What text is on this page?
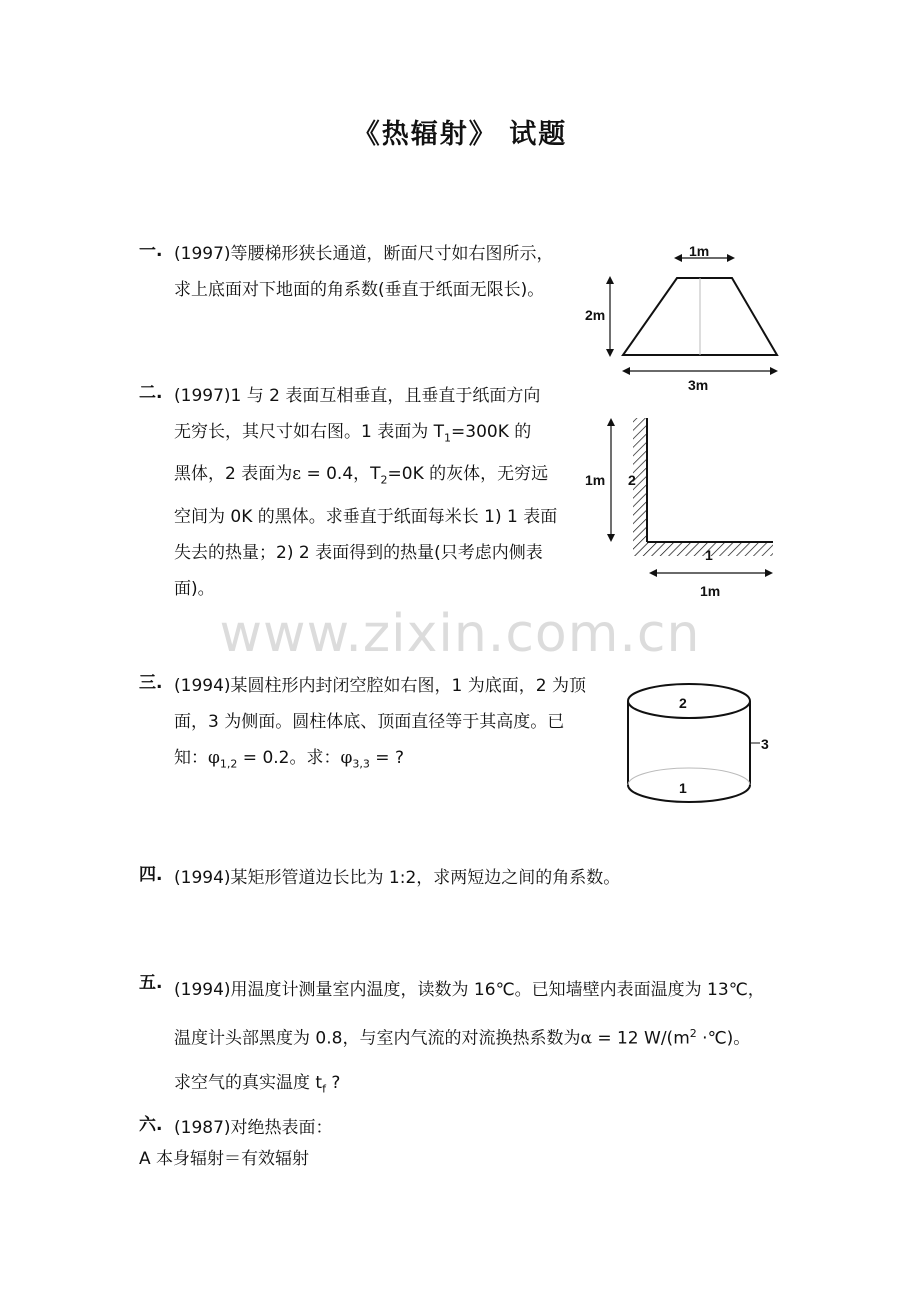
《热辐射》 试题
一. (1997)等腰梯形狭长通道，断面尺寸如右图所示，
求上底面对下地面的角系数(垂直于纸面无限长)。
1m
2m
3m
二. (1997)1 与 2 表面互相垂直，且垂直于纸面方向
无穷长，其尺寸如右图。1 表面为 $T_1=300K$ 的
黑体，2 表面为ε = 0.4，$T_2=0K$ 的灰体，无穷远
空间为 0K 的黑体。求垂直于纸面每米长 1) 1 表面
失去的热量；2) 2 表面得到的热量(只考虑内侧表
面)。
1m 2
1
1m
www.zixin.com.cn
三. (1994)某圆柱形内封闭空腔如右图，1 为底面，2 为顶
面，3 为侧面。圆柱体底、顶面直径等于其高度。已
知：$\varphi_{1,2} = 0.2$。求：$\varphi_{3,3}$ = ?
2
3
1
四. (1994)某矩形管道边长比为 1:2，求两短边之间的角系数。
五. (1994)用温度计测量室内温度，读数为 16℃。已知墙壁内表面温度为 13℃，
温度计头部黑度为 0.8，与室内气流的对流换热系数为α = 12 $W/(m^2$ ·℃)。
求空气的真实温度 $t_f$ ?
六. (1987)对绝热表面：
A 本身辐射＝有效辐射
